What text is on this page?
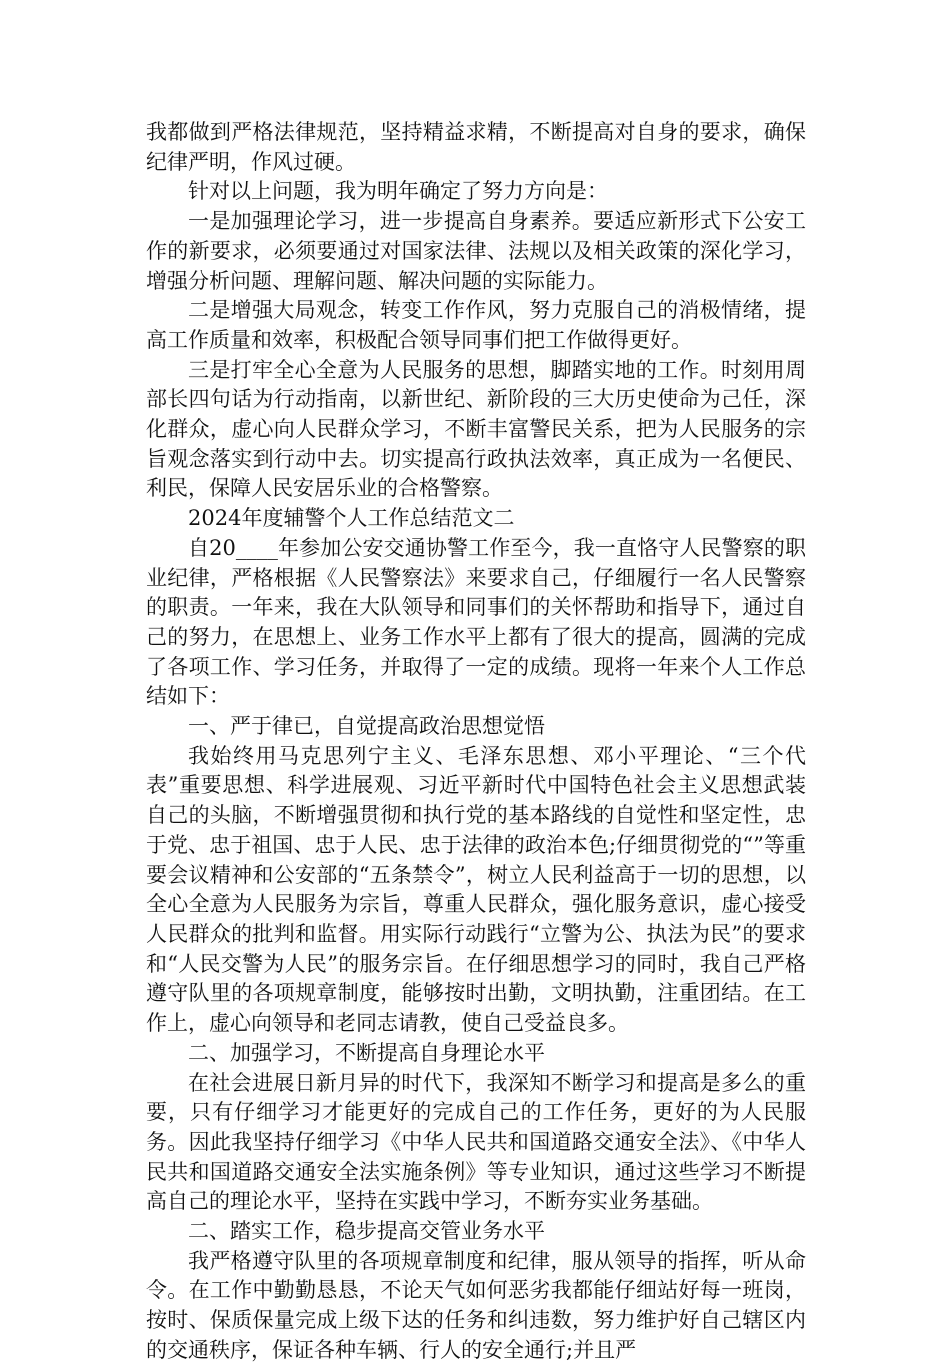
我都做到严格法律规范，坚持精益求精，不断提高对自身的要求，确保纪律严明，作风过硬。

针对以上问题，我为明年确定了努力方向是：

一是加强理论学习，进一步提高自身素养。要适应新形式下公安工作的新要求，必须要通过对国家法律、法规以及相关政策的深化学习，增强分析问题、理解问题、解决问题的实际能力。

二是增强大局观念，转变工作作风，努力克服自己的消极情绪，提高工作质量和效率，积极配合领导同事们把工作做得更好。

三是打牢全心全意为人民服务的思想，脚踏实地的工作。时刻用周部长四句话为行动指南，以新世纪、新阶段的三大历史使命为己任，深化群众，虚心向人民群众学习，不断丰富警民关系，把为人民服务的宗旨观念落实到行动中去。切实提高行政执法效率，真正成为一名便民、利民，保障人民安居乐业的合格警察。

2024年度辅警个人工作总结范文二

自20____年参加公安交通协警工作至今，我一直恪守人民警察的职业纪律，严格根据《人民警察法》来要求自己，仔细履行一名人民警察的职责。一年来，我在大队领导和同事们的关怀帮助和指导下，通过自己的努力，在思想上、业务工作水平上都有了很大的提高，圆满的完成了各项工作、学习任务，并取得了一定的成绩。现将一年来个人工作总结如下：

一、严于律已，自觉提高政治思想觉悟

我始终用马克思列宁主义、毛泽东思想、邓小平理论、“三个代表”重要思想、科学进展观、习近平新时代中国特色社会主义思想武装自己的头脑，不断增强贯彻和执行党的基本路线的自觉性和坚定性，忠于党、忠于祖国、忠于人民、忠于法律的政治本色;仔细贯彻党的“”等重要会议精神和公安部的“五条禁令”，树立人民利益高于一切的思想，以全心全意为人民服务为宗旨，尊重人民群众，强化服务意识，虚心接受人民群众的批判和监督。用实际行动践行“立警为公、执法为民”的要求和“人民交警为人民”的服务宗旨。在仔细思想学习的同时，我自己严格遵守队里的各项规章制度，能够按时出勤，文明执勤，注重团结。在工作上，虚心向领导和老同志请教，使自己受益良多。

二、加强学习，不断提高自身理论水平

在社会进展日新月异的时代下，我深知不断学习和提高是多么的重要，只有仔细学习才能更好的完成自己的工作任务，更好的为人民服务。因此我坚持仔细学习《中华人民共和国道路交通安全法》、《中华人民共和国道路交通安全法实施条例》等专业知识，通过这些学习不断提高自己的理论水平，坚持在实践中学习，不断夯实业务基础。

二、踏实工作，稳步提高交管业务水平

我严格遵守队里的各项规章制度和纪律，服从领导的指挥，听从命令。在工作中勤勤恳恳，不论天气如何恶劣我都能仔细站好每一班岗，按时、保质保量完成上级下达的任务和纠违数，努力维护好自己辖区内的交通秩序，保证各种车辆、行人的安全通行;并且严
